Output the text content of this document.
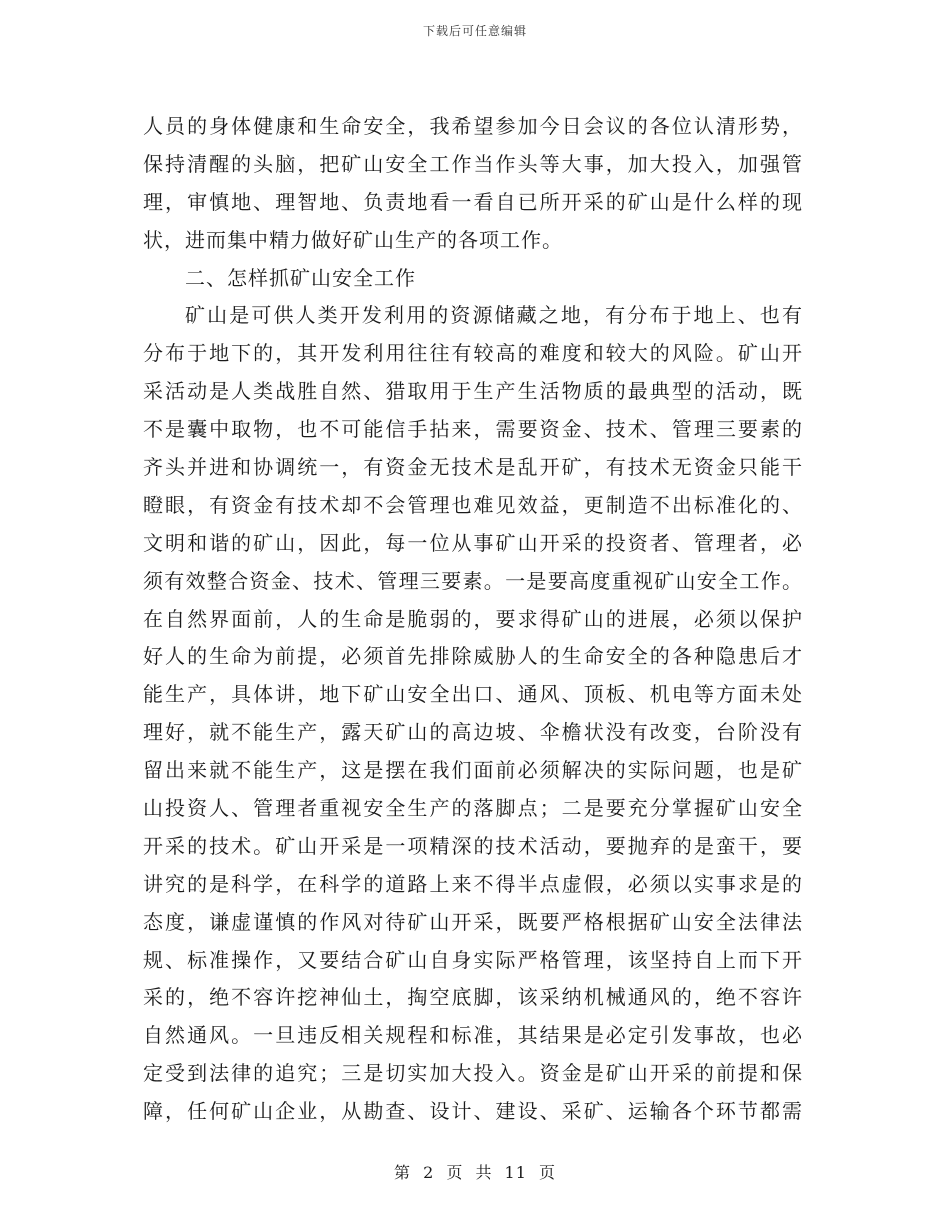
下载后可任意编辑
人员的身体健康和生命安全，我希望参加今日会议的各位认清形势，
保持清醒的头脑，把矿山安全工作当作头等大事，加大投入，加强管
理，审慎地、理智地、负责地看一看自已所开采的矿山是什么样的现
状，进而集中精力做好矿山生产的各项工作。
二、怎样抓矿山安全工作
矿山是可供人类开发利用的资源储藏之地，有分布于地上、也有
分布于地下的，其开发利用往往有较高的难度和较大的风险。矿山开
采活动是人类战胜自然、猎取用于生产生活物质的最典型的活动，既
不是囊中取物，也不可能信手拈来，需要资金、技术、管理三要素的
齐头并进和协调统一，有资金无技术是乱开矿，有技术无资金只能干
瞪眼，有资金有技术却不会管理也难见效益，更制造不出标准化的、
文明和谐的矿山，因此，每一位从事矿山开采的投资者、管理者，必
须有效整合资金、技术、管理三要素。一是要高度重视矿山安全工作。
在自然界面前，人的生命是脆弱的，要求得矿山的进展，必须以保护
好人的生命为前提，必须首先排除威胁人的生命安全的各种隐患后才
能生产，具体讲，地下矿山安全出口、通风、顶板、机电等方面未处
理好，就不能生产，露天矿山的高边坡、伞檐状没有改变，台阶没有
留出来就不能生产，这是摆在我们面前必须解决的实际问题，也是矿
山投资人、管理者重视安全生产的落脚点；二是要充分掌握矿山安全
开采的技术。矿山开采是一项精深的技术活动，要抛弃的是蛮干，要
讲究的是科学，在科学的道路上来不得半点虚假，必须以实事求是的
态度，谦虚谨慎的作风对待矿山开采，既要严格根据矿山安全法律法
规、标准操作，又要结合矿山自身实际严格管理，该坚持自上而下开
采的，绝不容许挖神仙土，掏空底脚，该采纳机械通风的，绝不容许
自然通风。一旦违反相关规程和标准，其结果是必定引发事故，也必
定受到法律的追究；三是切实加大投入。资金是矿山开采的前提和保
障，任何矿山企业，从勘查、设计、建设、采矿、运输各个环节都需
第 2 页 共 11 页
